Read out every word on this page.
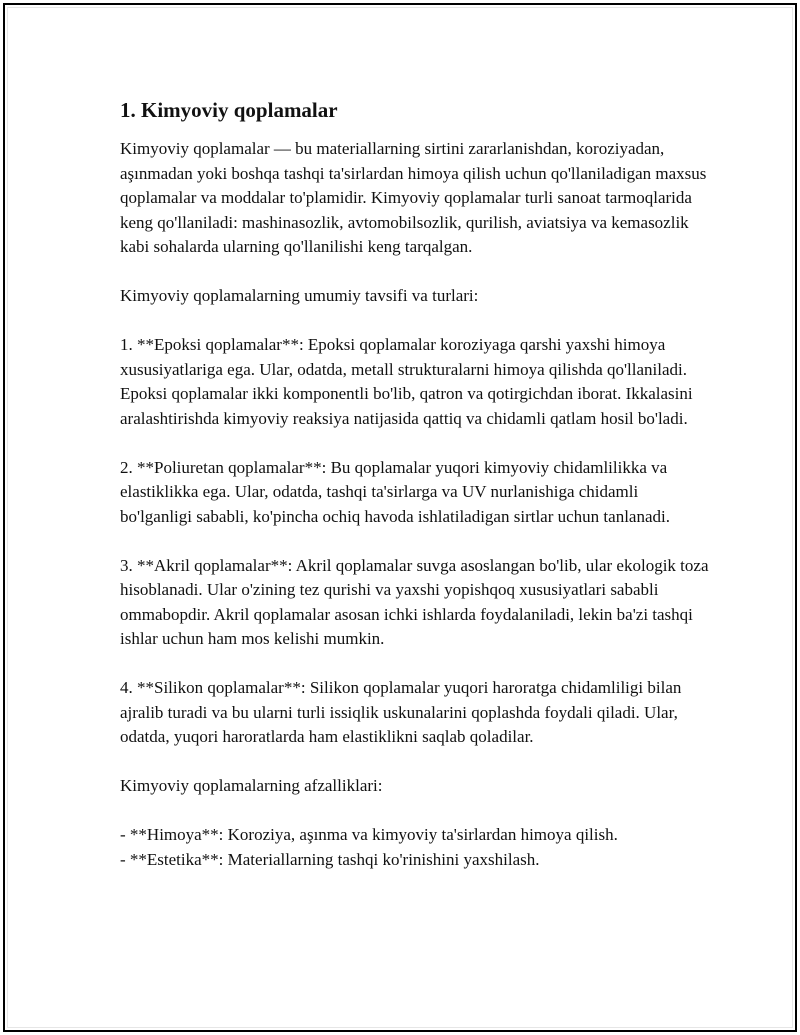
1. Kimyoviy qoplamalar

Kimyoviy qoplamalar — bu materiallarning sirtini zararlanishdan, koroziyadan, aşınmadan yoki boshqa tashqi ta'sirlardan himoya qilish uchun qo'llaniladigan maxsus qoplamalar va moddalar to'plamidir. Kimyoviy qoplamalar turli sanoat tarmoqlarida keng qo'llaniladi: mashinasozlik, avtomobilsozlik, qurilish, aviatsiya va kemasozlik kabi sohalarda ularning qo'llanilishi keng tarqalgan.

Kimyoviy qoplamalarning umumiy tavsifi va turlari:

1. **Epoksi qoplamalar**: Epoksi qoplamalar koroziyaga qarshi yaxshi himoya xususiyatlariga ega. Ular, odatda, metall strukturalarni himoya qilishda qo'llaniladi. Epoksi qoplamalar ikki komponentli bo'lib, qatron va qotirgichdan iborat. Ikkalasini aralashtirishda kimyoviy reaksiya natijasida qattiq va chidamli qatlam hosil bo'ladi.

2. **Poliuretan qoplamalar**: Bu qoplamalar yuqori kimyoviy chidamlilikka va elastiklikka ega. Ular, odatda, tashqi ta'sirlarga va UV nurlanishiga chidamli bo'lganligi sababli, ko'pincha ochiq havoda ishlatiladigan sirtlar uchun tanlanadi.

3. **Akril qoplamalar**: Akril qoplamalar suvga asoslangan bo'lib, ular ekologik toza hisoblanadi. Ular o'zining tez qurishi va yaxshi yopishqoq xususiyatlari sababli ommabopdir. Akril qoplamalar asosan ichki ishlarda foydalaniladi, lekin ba'zi tashqi ishlar uchun ham mos kelishi mumkin.

4. **Silikon qoplamalar**: Silikon qoplamalar yuqori haroratga chidamliligi bilan ajralib turadi va bu ularni turli issiqlik uskunalarini qoplashda foydali qiladi. Ular, odatda, yuqori haroratlarda ham elastiklikni saqlab qoladilar.

Kimyoviy qoplamalarning afzalliklari:

- **Himoya**: Koroziya, aşınma va kimyoviy ta'sirlardan himoya qilish.
- **Estetika**: Materiallarning tashqi ko'rinishini yaxshilash.
